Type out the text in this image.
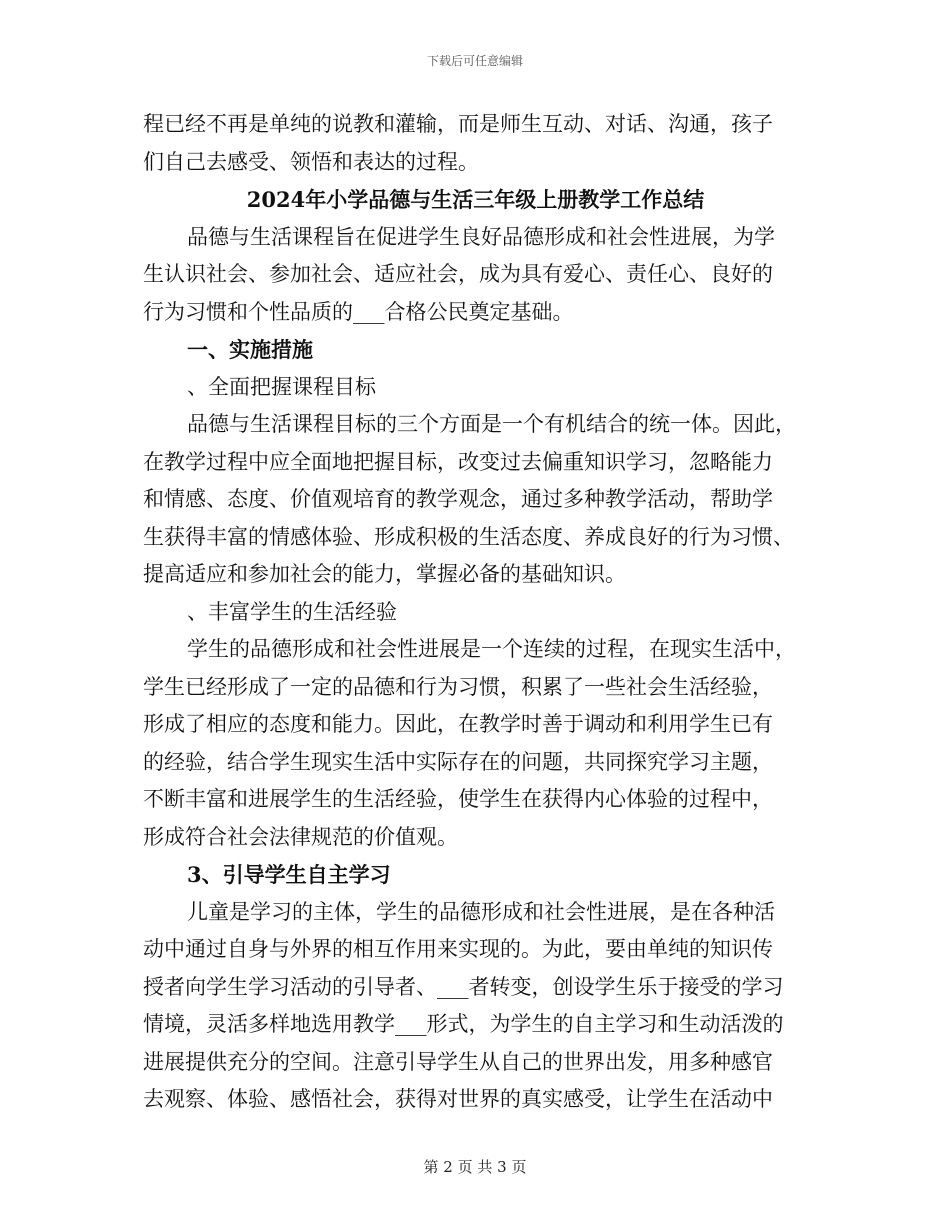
下载后可任意编辑
程已经不再是单纯的说教和灌输，而是师生互动、对话、沟通，孩子
们自己去感受、领悟和表达的过程。
2024年小学品德与生活三年级上册教学工作总结
品德与生活课程旨在促进学生良好品德形成和社会性进展，为学
生认识社会、参加社会、适应社会，成为具有爱心、责任心、良好的
行为习惯和个性品质的___合格公民奠定基础。
一、实施措施
、全面把握课程目标
品德与生活课程目标的三个方面是一个有机结合的统一体。因此，
在教学过程中应全面地把握目标，改变过去偏重知识学习，忽略能力
和情感、态度、价值观培育的教学观念，通过多种教学活动，帮助学
生获得丰富的情感体验、形成积极的生活态度、养成良好的行为习惯、
提高适应和参加社会的能力，掌握必备的基础知识。
、丰富学生的生活经验
学生的品德形成和社会性进展是一个连续的过程，在现实生活中，
学生已经形成了一定的品德和行为习惯，积累了一些社会生活经验，
形成了相应的态度和能力。因此，在教学时善于调动和利用学生已有
的经验，结合学生现实生活中实际存在的问题，共同探究学习主题，
不断丰富和进展学生的生活经验，使学生在获得内心体验的过程中，
形成符合社会法律规范的价值观。
3、引导学生自主学习
儿童是学习的主体，学生的品德形成和社会性进展，是在各种活
动中通过自身与外界的相互作用来实现的。为此，要由单纯的知识传
授者向学生学习活动的引导者、___者转变，创设学生乐于接受的学习
情境，灵活多样地选用教学___形式，为学生的自主学习和生动活泼的
进展提供充分的空间。注意引导学生从自己的世界出发，用多种感官
去观察、体验、感悟社会，获得对世界的真实感受，让学生在活动中
第 2 页 共 3 页
